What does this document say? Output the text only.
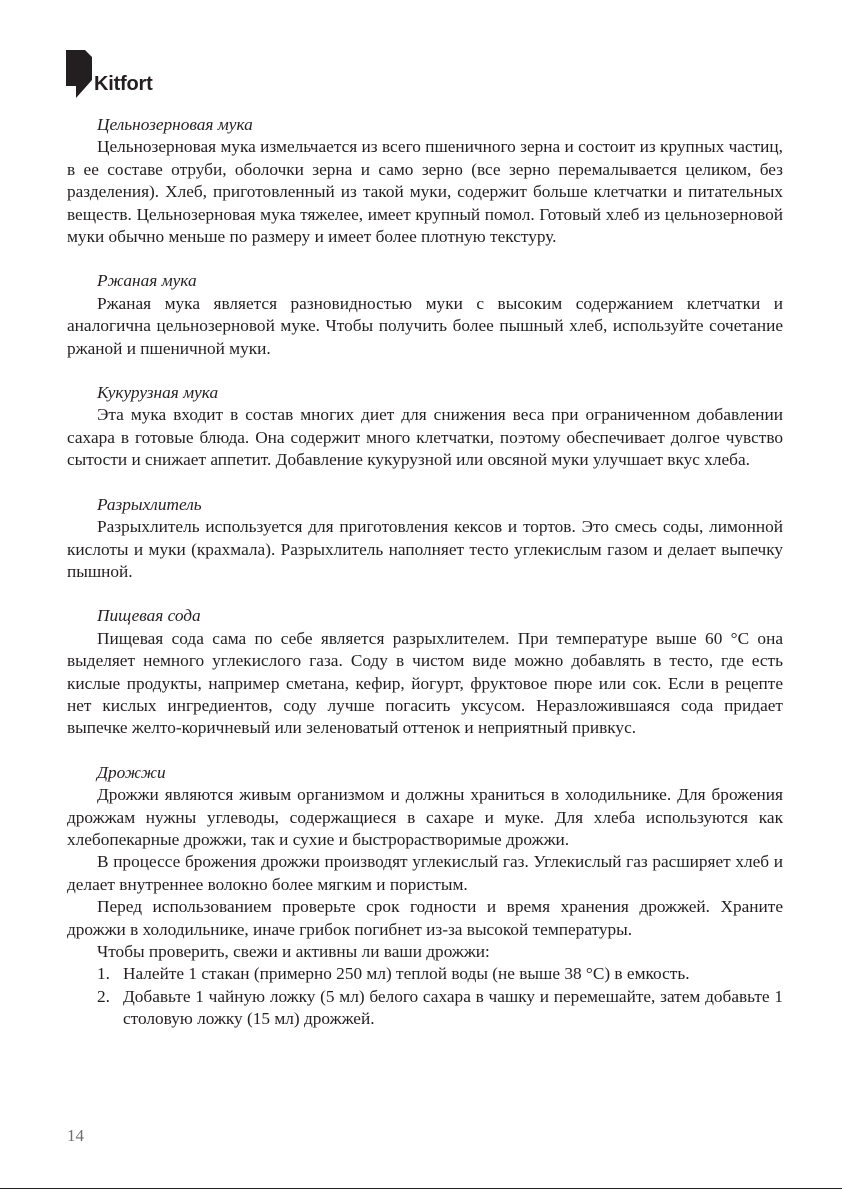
Kitfort

Цельнозерновая мука

Цельнозерновая мука измельчается из всего пшеничного зерна и состоит из крупных частиц, в ее составе отруби, оболочки зерна и само зерно (все зерно перемалывается целиком, без разделения). Хлеб, приготовленный из такой муки, содержит больше клетчатки и питательных веществ. Цельнозерновая мука тяжелее, имеет крупный помол. Готовый хлеб из цельнозерновой муки обычно меньше по размеру и имеет более плотную текстуру.

Ржаная мука

Ржаная мука является разновидностью муки с высоким содержанием клетчатки и аналогична цельнозерновой муке. Чтобы получить более пышный хлеб, используйте сочетание ржаной и пшеничной муки.

Кукурузная мука

Эта мука входит в состав многих диет для снижения веса при ограниченном добавлении сахара в готовые блюда. Она содержит много клетчатки, поэтому обеспечивает долгое чувство сытости и снижает аппетит. Добавление кукурузной или овсяной муки улучшает вкус хлеба.

Разрыхлитель

Разрыхлитель используется для приготовления кексов и тортов. Это смесь соды, лимонной кислоты и муки (крахмала). Разрыхлитель наполняет тесто углекислым газом и делает выпечку пышной.

Пищевая сода

Пищевая сода сама по себе является разрыхлителем. При температуре выше 60 °С она выделяет немного углекислого газа. Соду в чистом виде можно добавлять в тесто, где есть кислые продукты, например сметана, кефир, йогурт, фруктовое пюре или сок. Если в рецепте нет кислых ингредиентов, соду лучше погасить уксусом. Неразложившаяся сода придает выпечке желто-коричневый или зеленоватый оттенок и неприятный привкус.

Дрожжи

Дрожжи являются живым организмом и должны храниться в холодильнике. Для брожения дрожжам нужны углеводы, содержащиеся в сахаре и муке. Для хлеба используются как хлебопекарные дрожжи, так и сухие и быстрорастворимые дрожжи.

В процессе брожения дрожжи производят углекислый газ. Углекислый газ расширяет хлеб и делает внутреннее волокно более мягким и пористым.

Перед использованием проверьте срок годности и время хранения дрожжей. Храните дрожжи в холодильнике, иначе грибок погибнет из-за высокой температуры.

Чтобы проверить, свежи и активны ли ваши дрожжи:

1. Налейте 1 стакан (примерно 250 мл) теплой воды (не выше 38 °С) в емкость.
2. Добавьте 1 чайную ложку (5 мл) белого сахара в чашку и перемешайте, затем добавьте 1 столовую ложку (15 мл) дрожжей.
14
